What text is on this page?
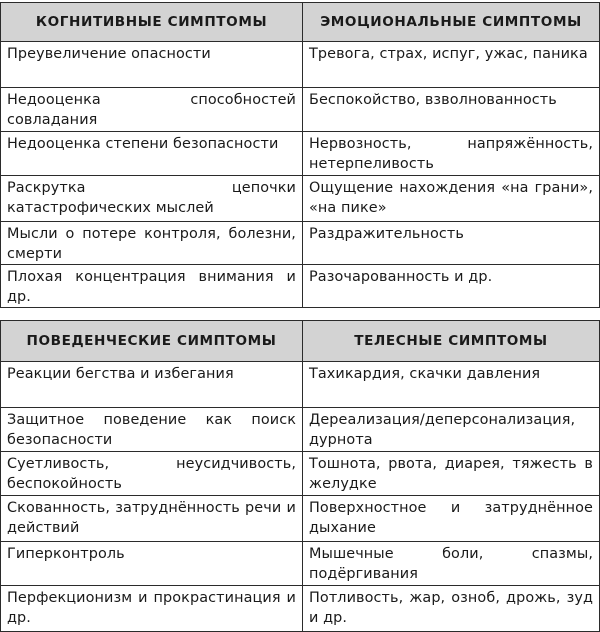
КОГНИТИВНЫЕ СИМПТОМЫ	ЭМОЦИОНАЛЬНЫЕ СИМПТОМЫ
Преувеличение опасности	Тревога, страх, испуг, ужас, паника
Недооценка способностей совладания	Беспокойство, взволнованность
Недооценка степени безопасности	Нервозность, напряжённость, нетерпеливость
Раскрутка цепочки катастрофических мыслей	Ощущение нахождения «на грани», «на пике»
Мысли о потере контроля, болезни, смерти	Раздражительность
Плохая концентрация внимания и др.	Разочарованность и др.

ПОВЕДЕНЧЕСКИЕ СИМПТОМЫ	ТЕЛЕСНЫЕ СИМПТОМЫ
Реакции бегства и избегания	Тахикардия, скачки давления
Защитное поведение как поиск безопасности	Дереализация/деперсонализация, дурнота
Суетливость, неусидчивость, беспокойность	Тошнота, рвота, диарея, тяжесть в желудке
Скованность, затруднённость речи и действий	Поверхностное и затруднённое дыхание
Гиперконтроль	Мышечные боли, спазмы, подёргивания
Перфекционизм и прокрастинация и др.	Потливость, жар, озноб, дрожь, зуд и др.
